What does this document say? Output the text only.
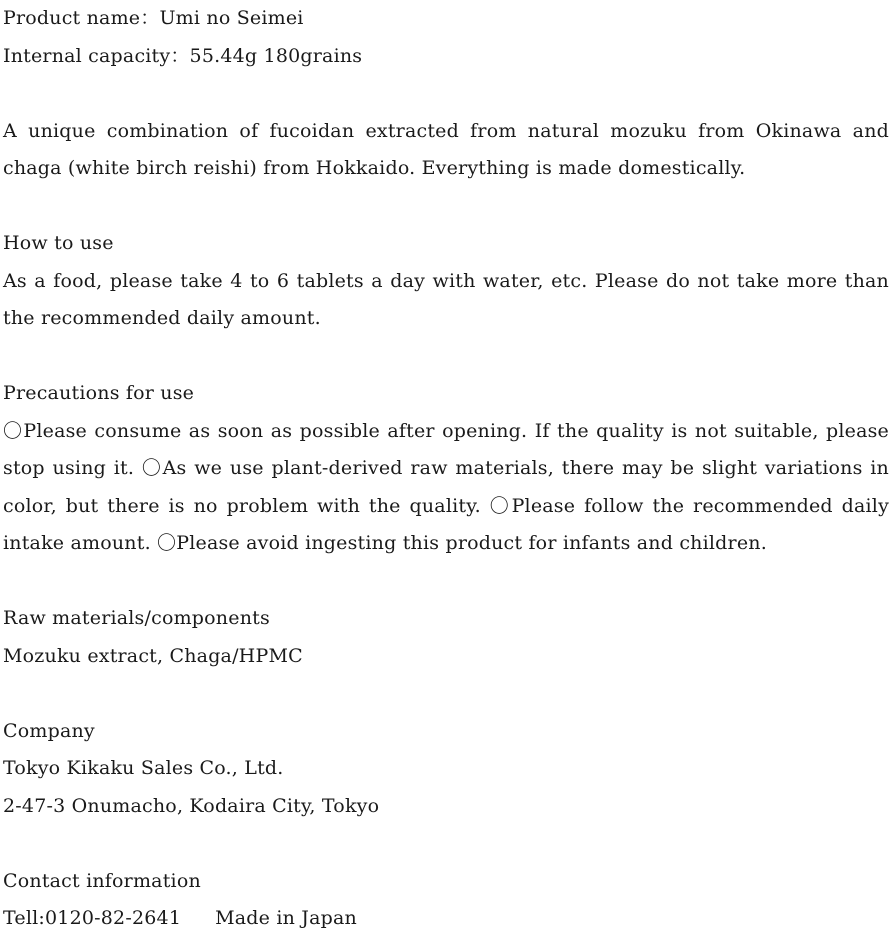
Product name：Umi no Seimei
Internal capacity：55.44g 180grains

A unique combination of fucoidan extracted from natural mozuku from Okinawa and chaga (white birch reishi) from Hokkaido. Everything is made domestically.

How to use

As a food, please take 4 to 6 tablets a day with water, etc. Please do not take more than the recommended daily amount.

Precautions for use

〇Please consume as soon as possible after opening. If the quality is not suitable, please stop using it. 〇As we use plant-derived raw materials, there may be slight variations in color, but there is no problem with the quality. 〇Please follow the recommended daily intake amount. 〇Please avoid ingesting this product for infants and children.

Raw materials/components
Mozuku extract, Chaga/HPMC
Company
Tokyo Kikaku Sales Co., Ltd.
2-47-3 Onumacho, Kodaira City, Tokyo
Contact information
Tell:0120-82-2641 Made in Japan
